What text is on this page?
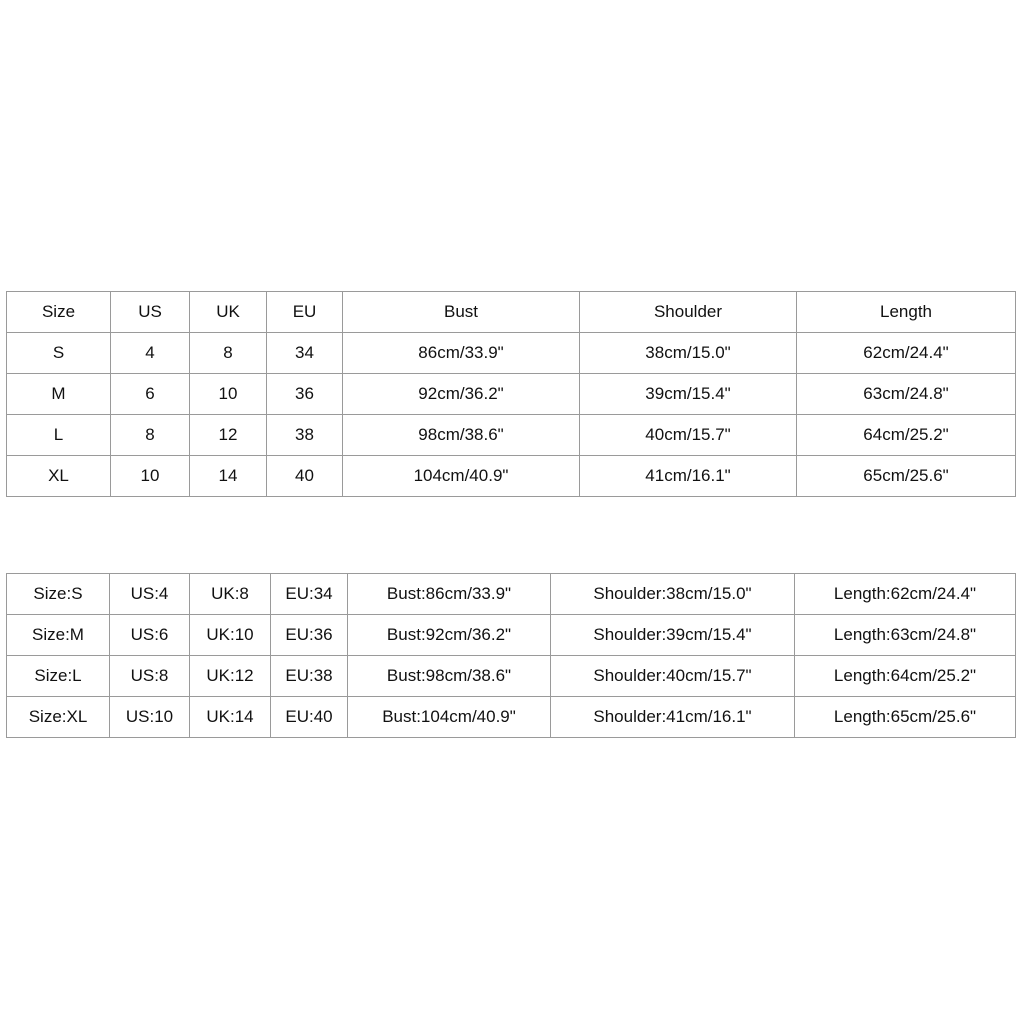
Size	US	UK	EU	Bust	Shoulder	Length
S	4	8	34	86cm/33.9"	38cm/15.0"	62cm/24.4"
M	6	10	36	92cm/36.2"	39cm/15.4"	63cm/24.8"
L	8	12	38	98cm/38.6"	40cm/15.7"	64cm/25.2"
XL	10	14	40	104cm/40.9"	41cm/16.1"	65cm/25.6"
Size:S	US:4	UK:8	EU:34	Bust:86cm/33.9"	Shoulder:38cm/15.0"	Length:62cm/24.4"
Size:M	US:6	UK:10	EU:36	Bust:92cm/36.2"	Shoulder:39cm/15.4"	Length:63cm/24.8"
Size:L	US:8	UK:12	EU:38	Bust:98cm/38.6"	Shoulder:40cm/15.7"	Length:64cm/25.2"
Size:XL	US:10	UK:14	EU:40	Bust:104cm/40.9"	Shoulder:41cm/16.1"	Length:65cm/25.6"
